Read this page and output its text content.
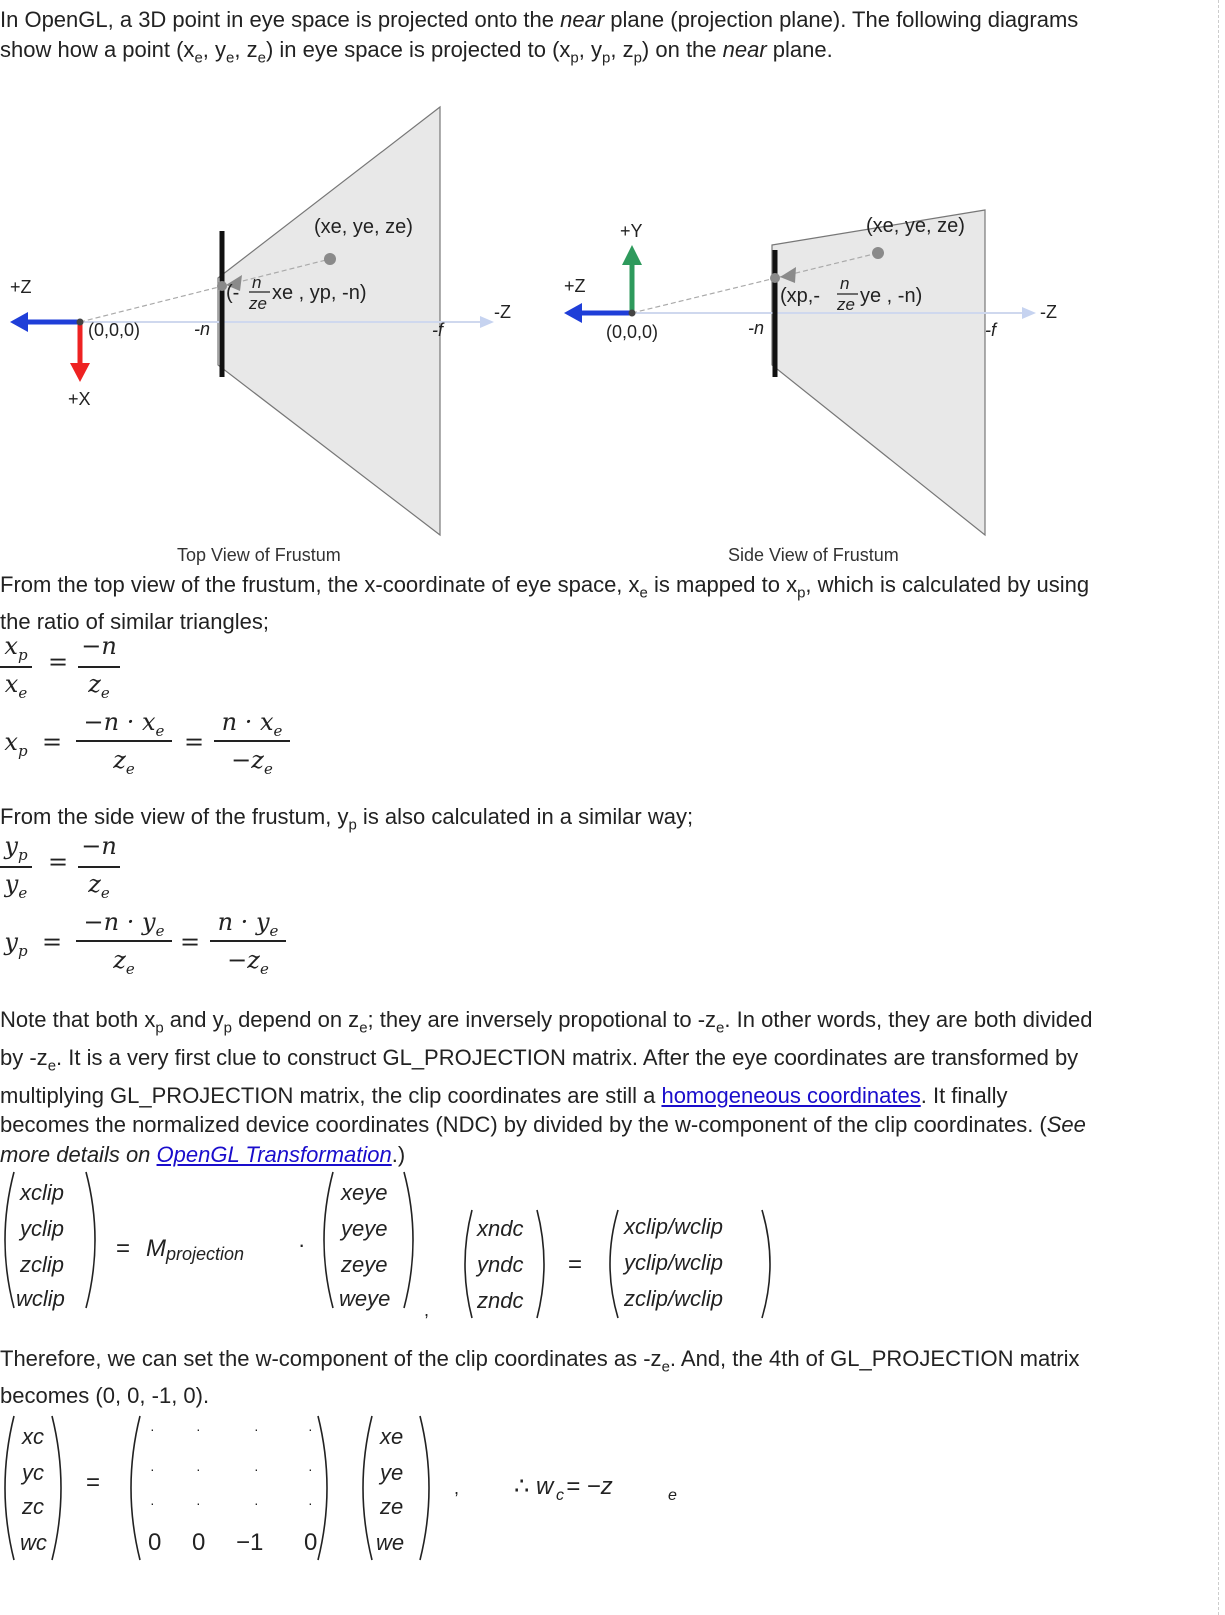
In OpenGL, a 3D point in eye space is projected onto the near plane (projection plane). The following diagrams
show how a point ($x_e$, $y_e$, $z_e$) in eye space is projected to ($x_p$, $y_p$, $z_p$) on the near plane.
+Z
+X
(0,0,0)	-n	-f
-Z
(xe, ye, ze)
(- n
ze xe , yp, -n)
+Y
+Z
(0,0,0)	-n	-f
-Z
(xe, ye, ze)
(xp,-
n
ze ye , -n)
Top View of Frustum	Side View of Frustum
From the top view of the frustum, the x-coordinate of eye space, $x_e$ is mapped to $x_p$, which is calculated by using
the ratio of similar triangles;
$x_p$
$x_e$
=
−n
$z_e$
$x_p$ =
$-n \cdot x_e$
$z_e$
=
$n \cdot x_e$
$-z_e$
From the side view of the frustum, $y_p$ is also calculated in a similar way;
$y_p$
$y_e$
=
−n
$z_e$
$y_p$ =
$-n \cdot y_e$
$z_e$
=
$n \cdot y_e$
$-z_e$
Note that both $x_p$ and $y_p$ depend on $z_e$; they are inversely propotional to $-z_e$. In other words, they are both divided
by $-z_e$. It is a very first clue to construct GL_PROJECTION matrix. After the eye coordinates are transformed by
multiplying GL_PROJECTION matrix, the clip coordinates are still a homogeneous coordinates. It finally
becomes the normalized device coordinates (NDC) by divided by the w-component of the clip coordinates. (See
more details on OpenGL Transformation.)
xclip
yclip
zclip
wclip
= Mprojection ·
xeye
yeye
zeye
weye ,
xndc
yndc
zndc
=
xclip/wclip
yclip/wclip
zclip/wclip
Therefore, we can set the w-component of the clip coordinates as $-z_e$. And, the 4th of GL_PROJECTION matrix
becomes (0, 0, -1, 0).
xc
yc
zc
wc
=
·	·	·	·
·	·	·	·
·	·	·	·
0 0 −1 0
xe
ye
ze
we
, ∴ w c = −z	e
